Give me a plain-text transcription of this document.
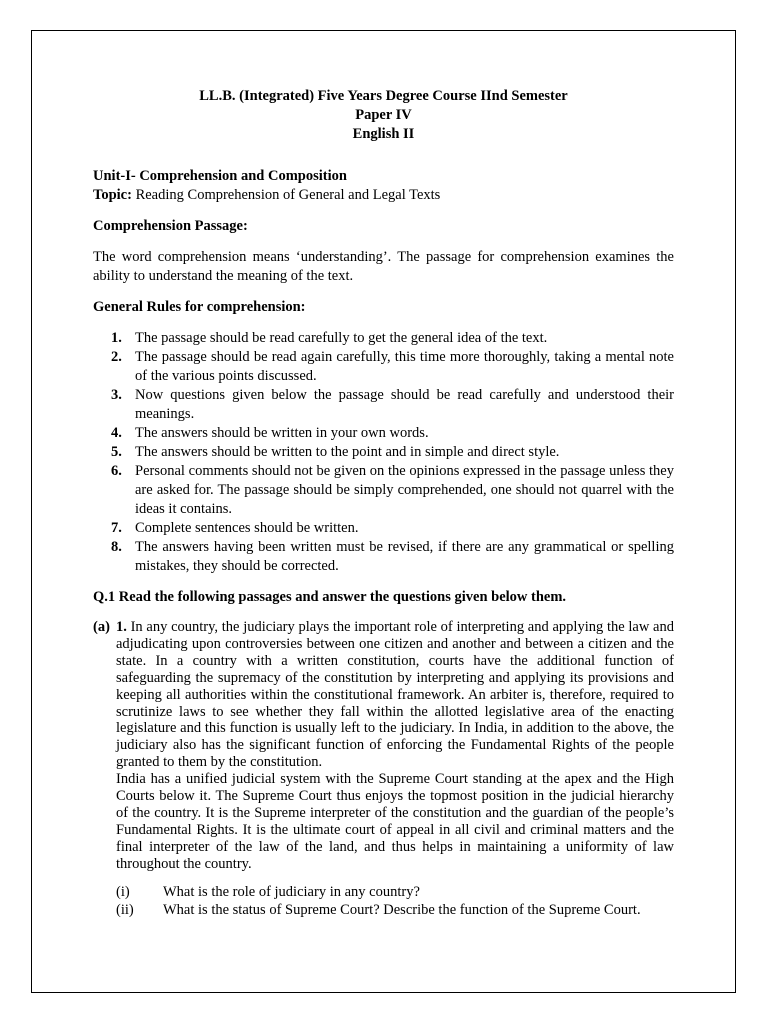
LL.B. (Integrated) Five Years Degree Course IInd Semester
Paper IV
English II
Unit-I- Comprehension and Composition
Topic: Reading Comprehension of General and Legal Texts
Comprehension Passage:
The word comprehension means ‘understanding’. The passage for comprehension examines the ability to understand the meaning of the text.
General Rules for comprehension:
1. The passage should be read carefully to get the general idea of the text.
2. The passage should be read again carefully, this time more thoroughly, taking a mental note of the various points discussed.
3. Now questions given below the passage should be read carefully and understood their meanings.
4. The answers should be written in your own words.
5. The answers should be written to the point and in simple and direct style.
6. Personal comments should not be given on the opinions expressed in the passage unless they are asked for. The passage should be simply comprehended, one should not quarrel with the ideas it contains.
7. Complete sentences should be written.
8. The answers having been written must be revised, if there are any grammatical or spelling mistakes, they should be corrected.
Q.1 Read the following passages and answer the questions given below them.
(a) 1. In any country, the judiciary plays the important role of interpreting and applying the law and adjudicating upon controversies between one citizen and another and between a citizen and the state. In a country with a written constitution, courts have the additional function of safeguarding the supremacy of the constitution by interpreting and applying its provisions and keeping all authorities within the constitutional framework. An arbiter is, therefore, required to scrutinize laws to see whether they fall within the allotted legislative area of the enacting legislature and this function is usually left to the judiciary. In India, in addition to the above, the judiciary also has the significant function of enforcing the Fundamental Rights of the people granted to them by the constitution.

India has a unified judicial system with the Supreme Court standing at the apex and the High Courts below it. The Supreme Court thus enjoys the topmost position in the judicial hierarchy of the country. It is the Supreme interpreter of the constitution and the guardian of the people’s Fundamental Rights. It is the ultimate court of appeal in all civil and criminal matters and the final interpreter of the law of the land, and thus helps in maintaining a uniformity of law throughout the country.

(i) What is the role of judiciary in any country?
(ii) What is the status of Supreme Court? Describe the function of the Supreme Court.
